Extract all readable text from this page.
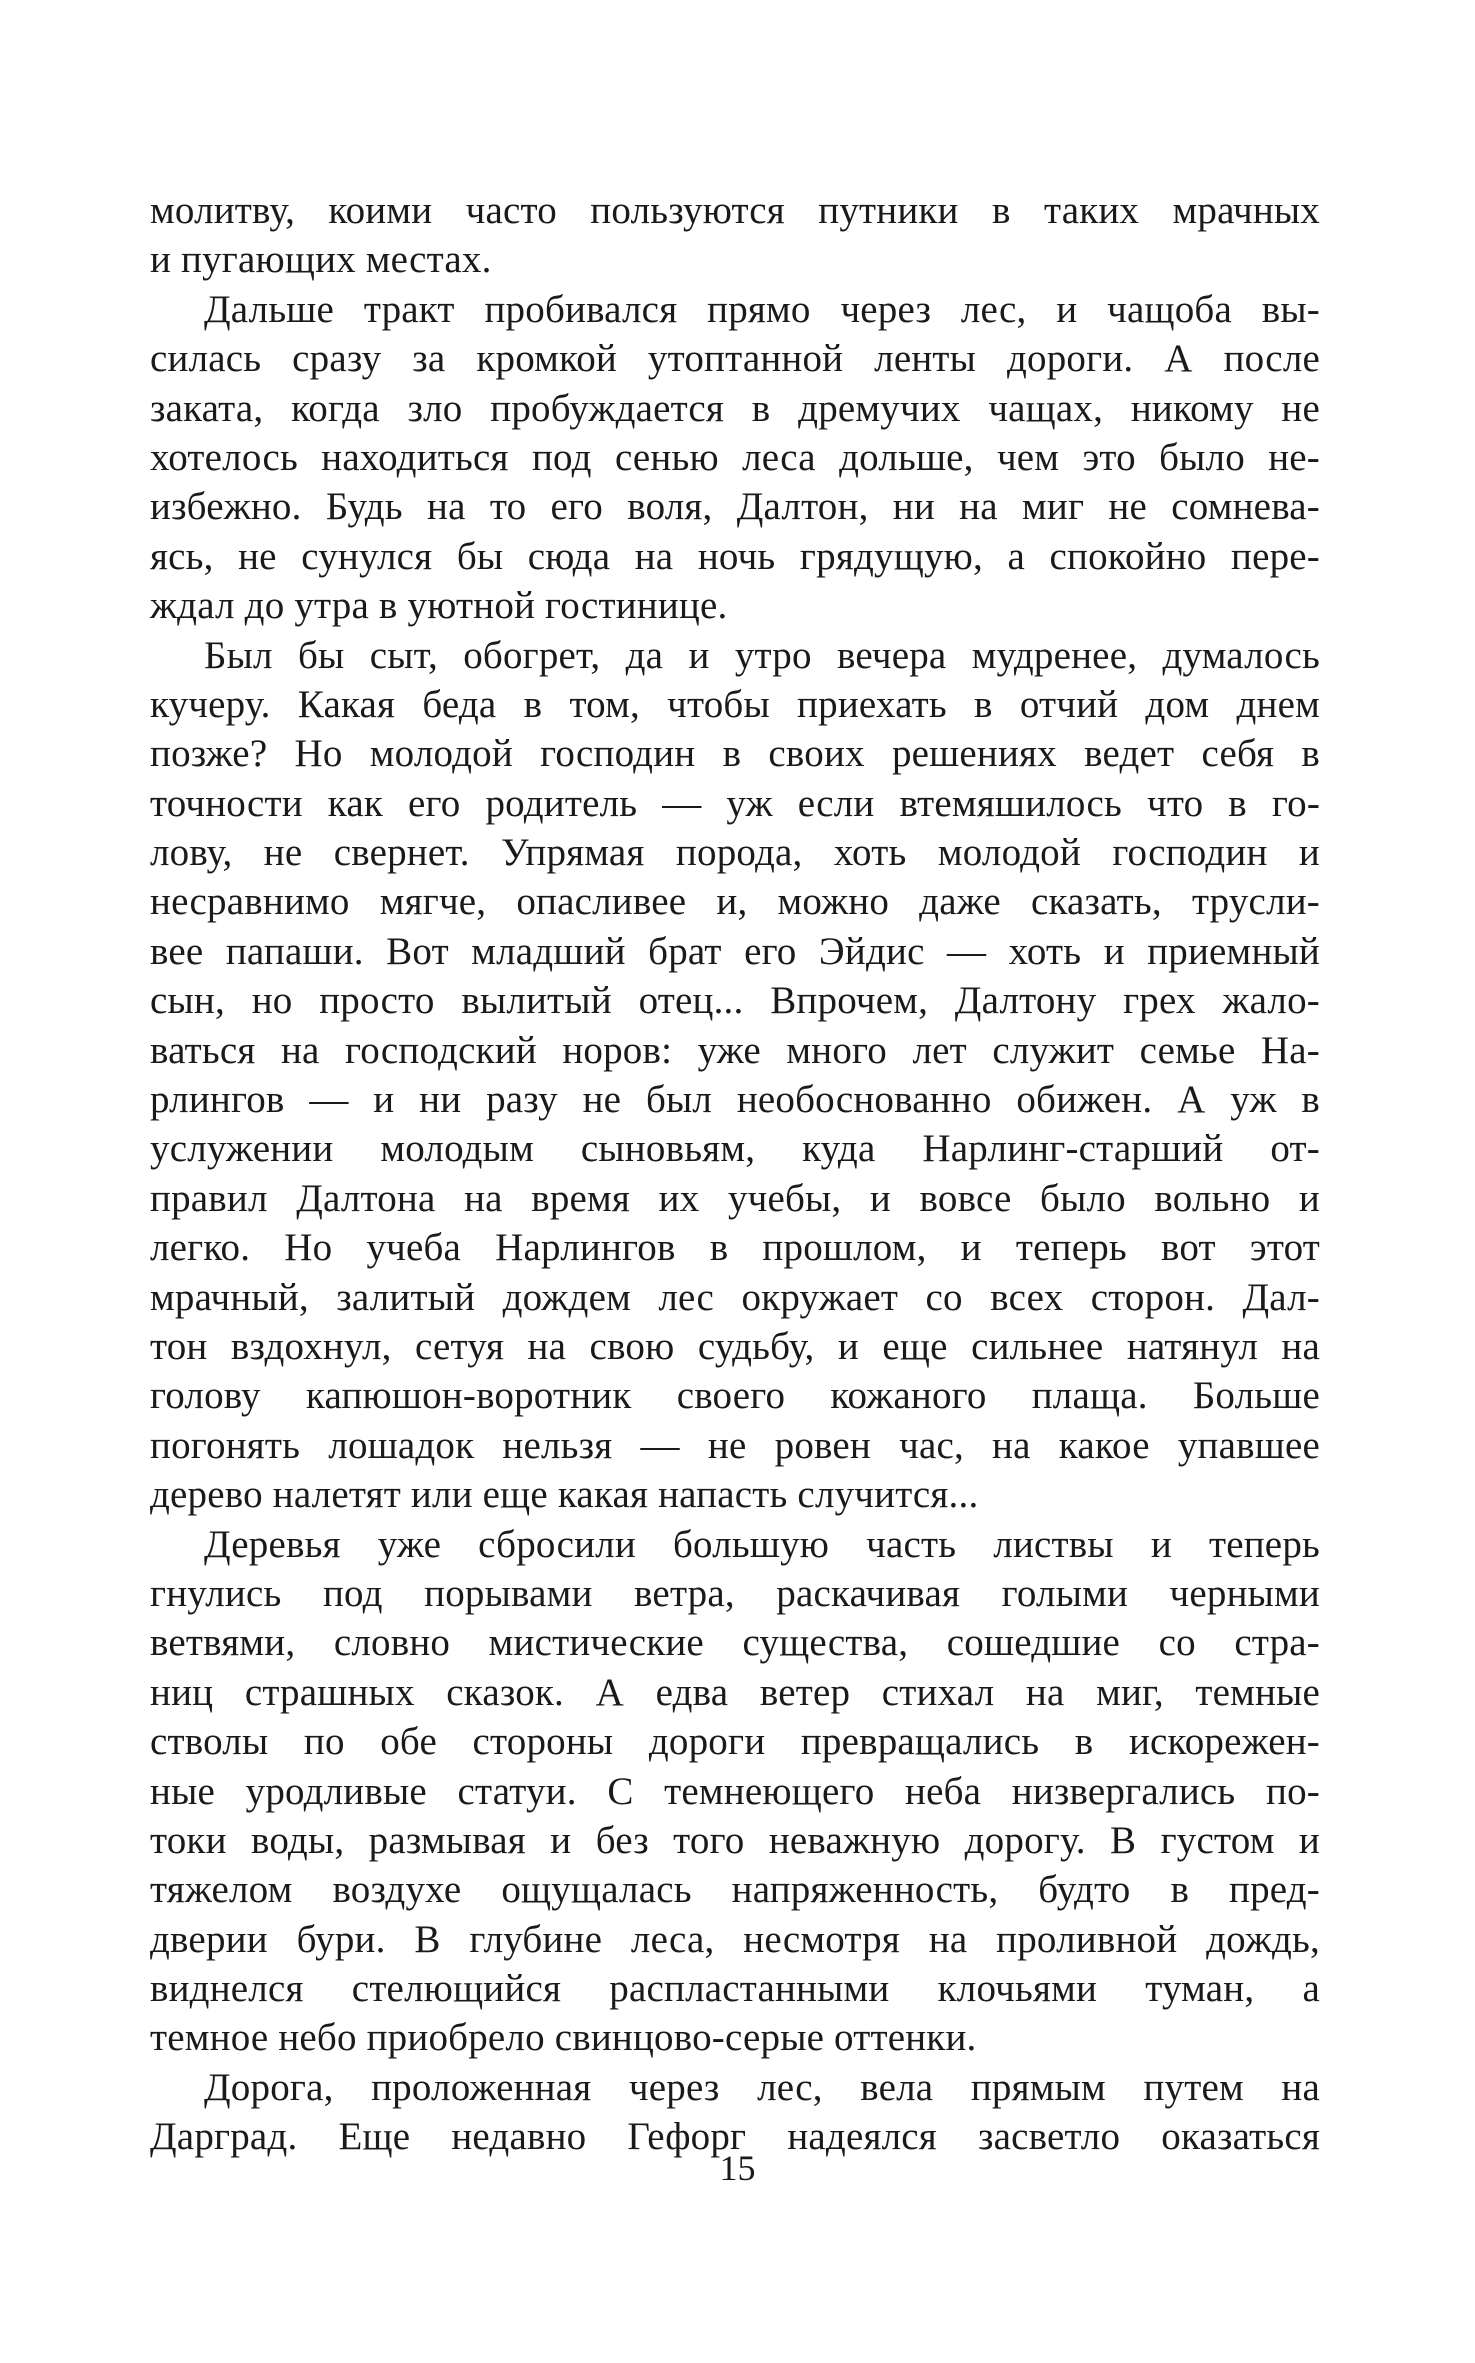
молитву, коими часто пользуются путники в таких мрачных
и пугающих местах.
Дальше тракт пробивался прямо через лес, и чащоба вы-
силась сразу за кромкой утоптанной ленты дороги. А после
заката, когда зло пробуждается в дремучих чащах, никому не
хотелось находиться под сенью леса дольше, чем это было не-
избежно. Будь на то его воля, Далтон, ни на миг не сомнева-
ясь, не сунулся бы сюда на ночь грядущую, а спокойно пере-
ждал до утра в уютной гостинице.
Был бы сыт, обогрет, да и утро вечера мудренее, думалось
кучеру. Какая беда в том, чтобы приехать в отчий дом днем
позже? Но молодой господин в своих решениях ведет себя в
точности как его родитель — уж если втемяшилось что в го-
лову, не свернет. Упрямая порода, хоть молодой господин и
несравнимо мягче, опасливее и, можно даже сказать, трусли-
вее папаши. Вот младший брат его Эйдис — хоть и приемный
сын, но просто вылитый отец... Впрочем, Далтону грех жало-
ваться на господский норов: уже много лет служит семье На-
рлингов — и ни разу не был необоснованно обижен. А уж в
услужении молодым сыновьям, куда Нарлинг-старший от-
правил Далтона на время их учебы, и вовсе было вольно и
легко. Но учеба Нарлингов в прошлом, и теперь вот этот
мрачный, залитый дождем лес окружает со всех сторон. Дал-
тон вздохнул, сетуя на свою судьбу, и еще сильнее натянул на
голову капюшон-воротник своего кожаного плаща. Больше
погонять лошадок нельзя — не ровен час, на какое упавшее
дерево налетят или еще какая напасть случится...
Деревья уже сбросили большую часть листвы и теперь
гнулись под порывами ветра, раскачивая голыми черными
ветвями, словно мистические существа, сошедшие со стра-
ниц страшных сказок. А едва ветер стихал на миг, темные
стволы по обе стороны дороги превращались в искорежен-
ные уродливые статуи. С темнеющего неба низвергались по-
токи воды, размывая и без того неважную дорогу. В густом и
тяжелом воздухе ощущалась напряженность, будто в пред-
дверии бури. В глубине леса, несмотря на проливной дождь,
виднелся стелющийся распластанными клочьями туман, а
темное небо приобрело свинцово-серые оттенки.
Дорога, проложенная через лес, вела прямым путем на
Дарград. Еще недавно Гефорг надеялся засветло оказаться
15
